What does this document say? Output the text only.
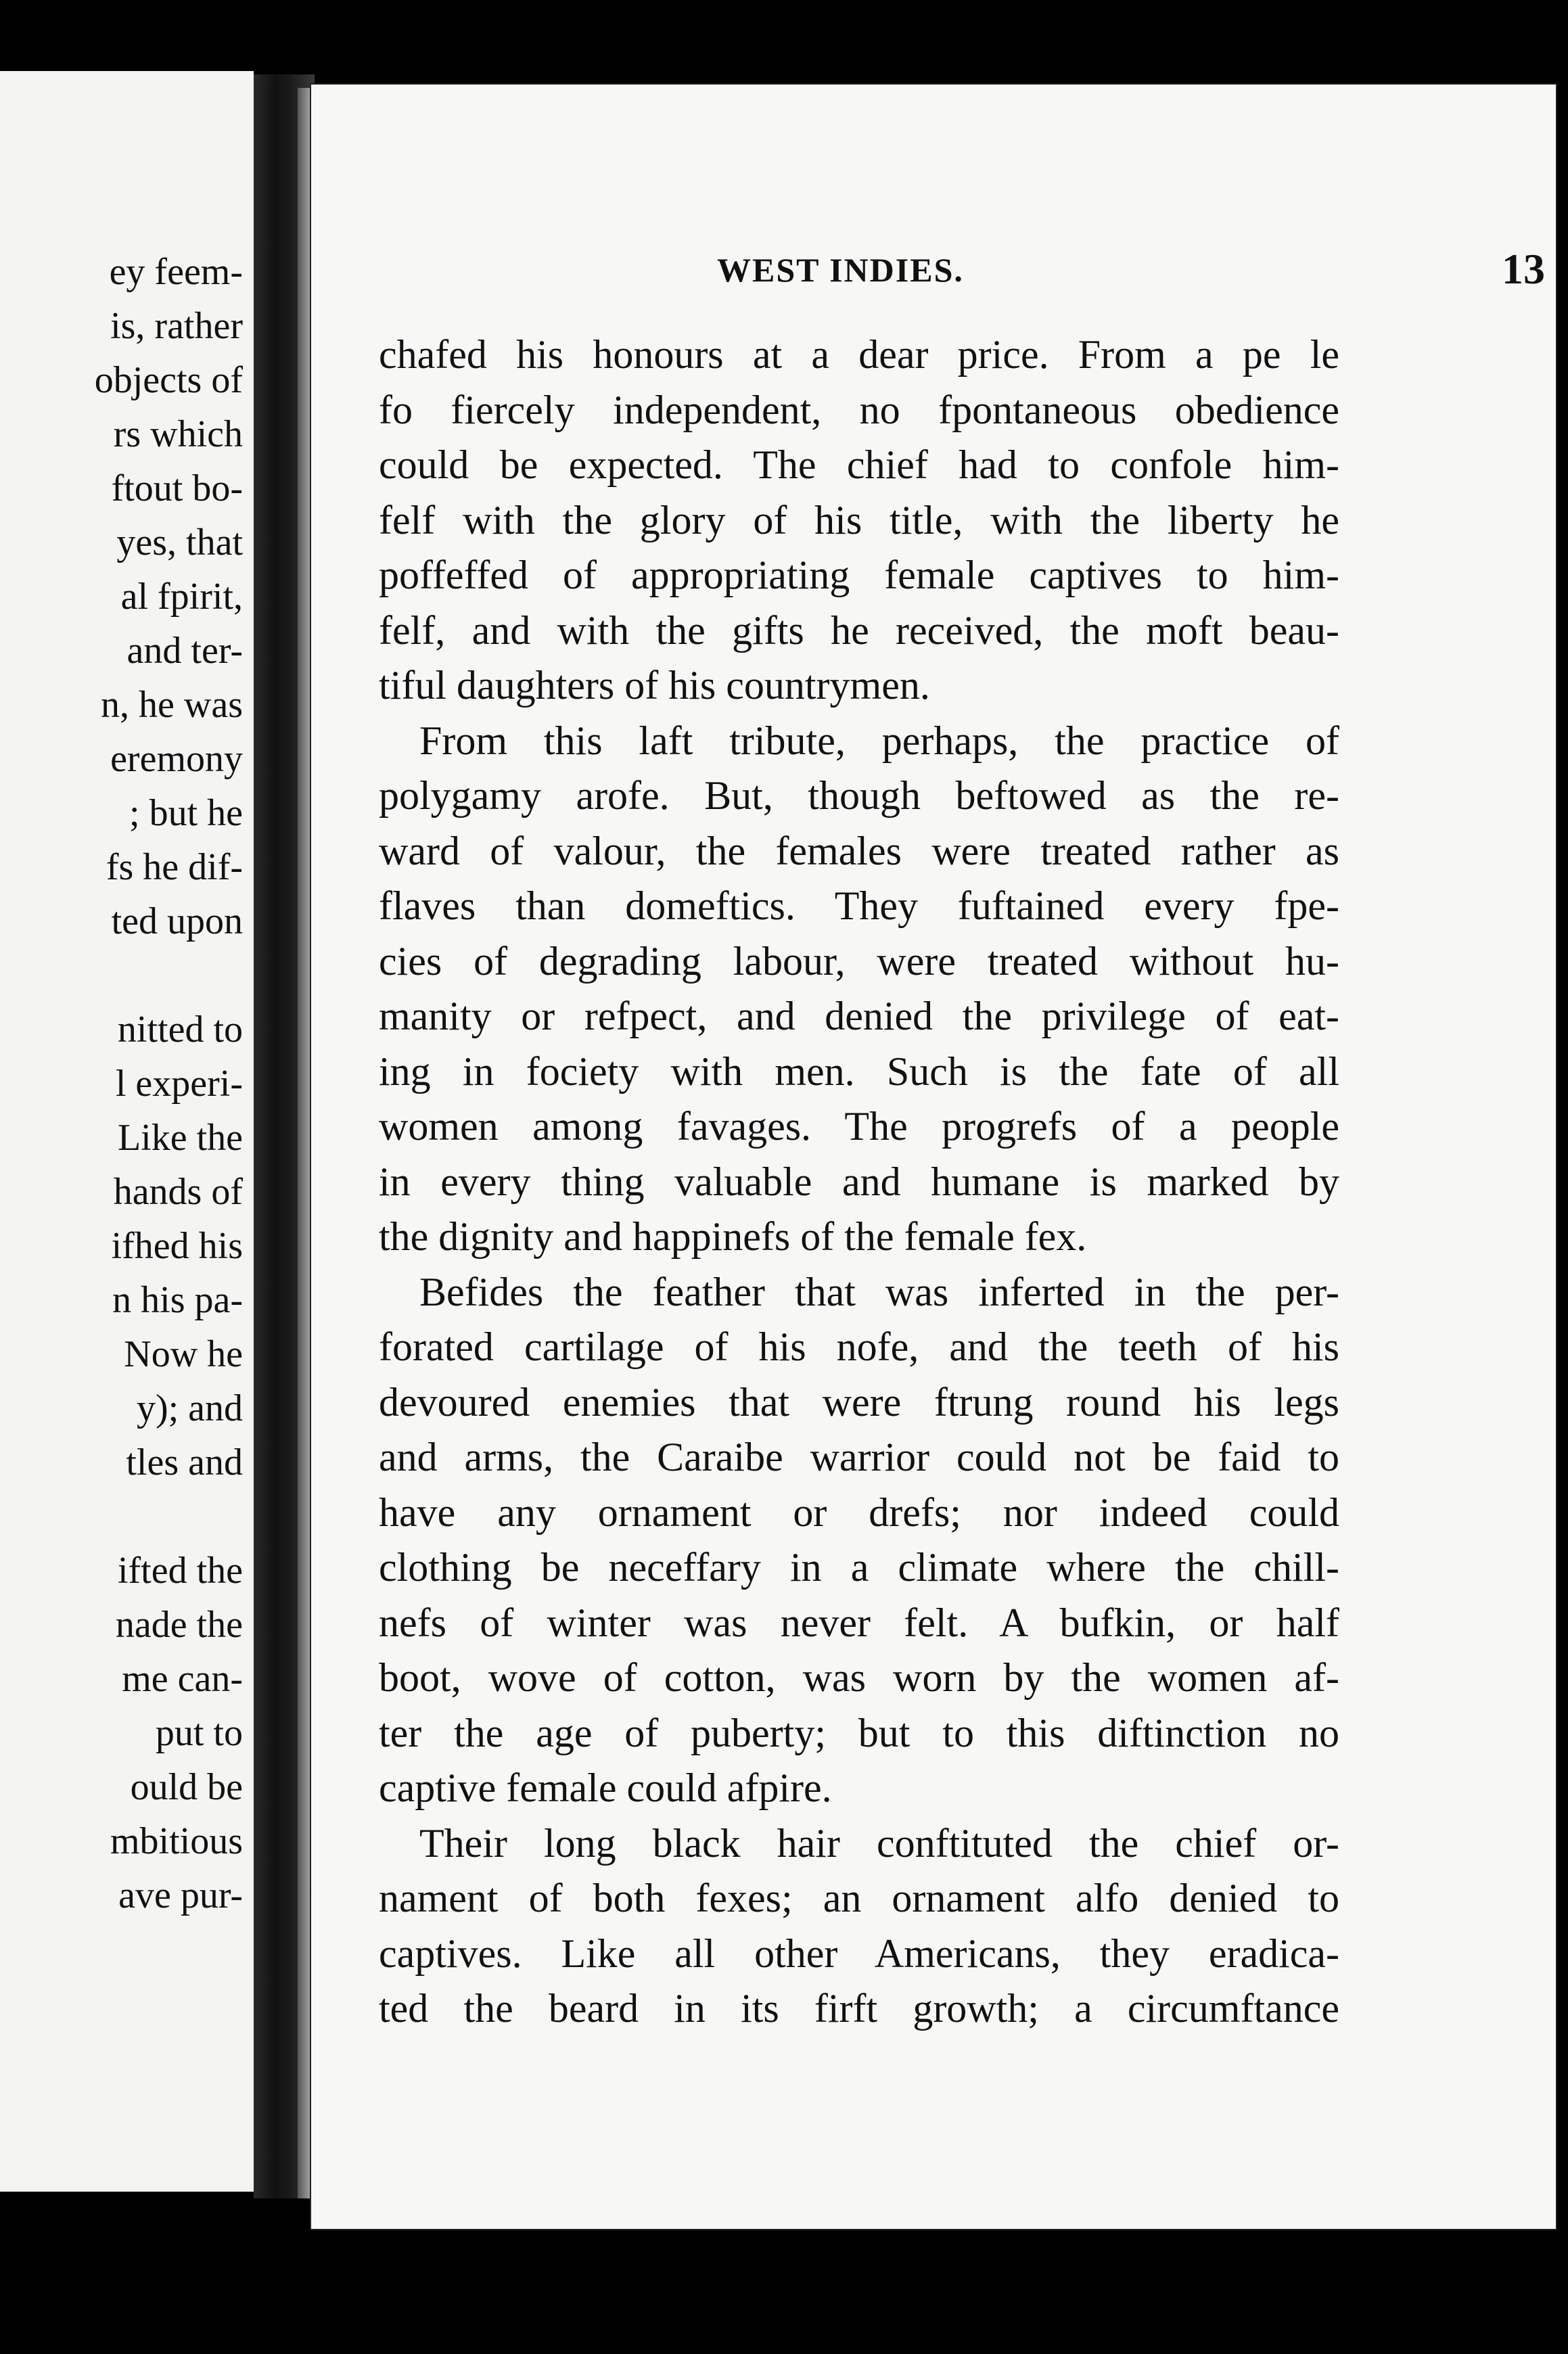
ey feem-
is, rather
objects of
rs which
ftout bo-
yes, that
al fpirit,
and ter-
n, he was
eremony
; but he
fs he dif-
ted upon
nitted to
l experi-
Like the
hands of
ifhed his
n his pa-
Now he
y); and
tles and
ifted the
nade the
me can-
put to
ould be
mbitious
ave pur-
WEST INDIES.	13
chafed his honours at a dear price. From a pe le
fo fiercely independent, no fpontaneous obedience
could be expected. The chief had to confole him-
felf with the glory of his title, with the liberty he
poffeffed of appropriating female captives to him-
felf, and with the gifts he received, the moft beau-
tiful daughters of his countrymen.
From this laft tribute, perhaps, the practice of
polygamy arofe. But, though beftowed as the re-
ward of valour, the females were treated rather as
flaves than domeftics. They fuftained every fpe-
cies of degrading labour, were treated without hu-
manity or refpect, and denied the privilege of eat-
ing in fociety with men. Such is the fate of all
women among favages. The progrefs of a people
in every thing valuable and humane is marked by
the dignity and happinefs of the female fex.
Befides the feather that was inferted in the per-
forated cartilage of his nofe, and the teeth of his
devoured enemies that were ftrung round his legs
and arms, the Caraibe warrior could not be faid to
have any ornament or drefs; nor indeed could
clothing be neceffary in a climate where the chill-
nefs of winter was never felt. A bufkin, or half
boot, wove of cotton, was worn by the women af-
ter the age of puberty; but to this diftinction no
captive female could afpire.
Their long black hair conftituted the chief or-
nament of both fexes; an ornament alfo denied to
captives. Like all other Americans, they eradica-
ted the beard in its firft growth; a circumftance
